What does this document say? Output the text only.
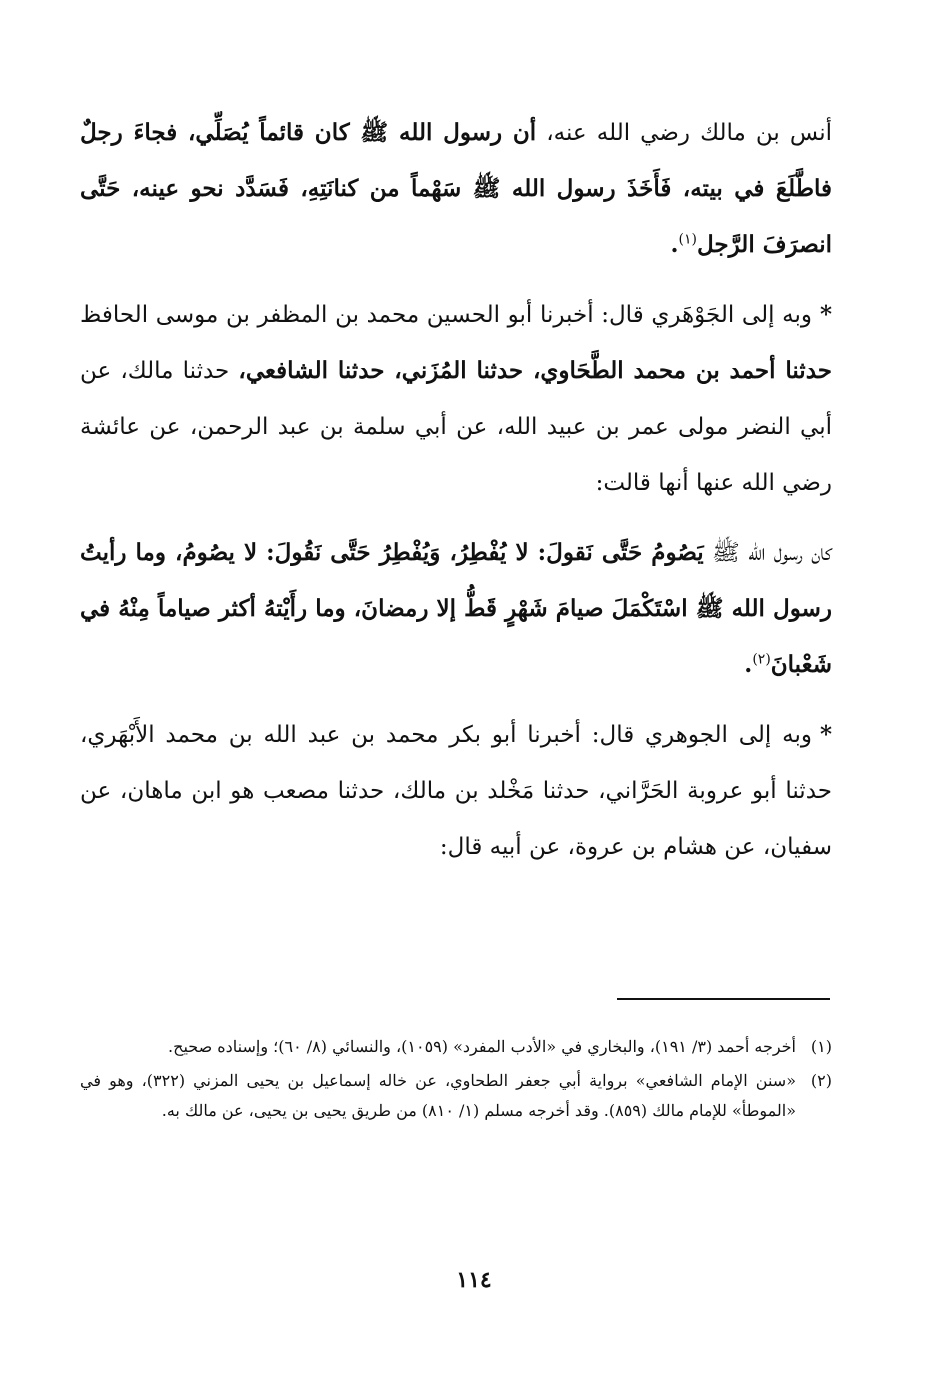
أنس بن مالك رضي الله عنه، أن رسول الله ﷺ كان قائماً يُصَلِّي، فجاءَ رجلٌ فاطَّلَعَ في بيته، فَأَخَذَ رسول الله ﷺ سَهْماً من كنانَتِهِ، فَسَدَّد نحو عينه، حَتَّى انصرَفَ الرَّجل$^{(١)}$.

*وبه إلى الجَوْهَري قال: أخبرنا أبو الحسين محمد بن المظفر بن موسى الحافظ حدثنا أحمد بن محمد الطَّحَاوي، حدثنا المُزَني، حدثنا الشافعي، حدثنا مالك، عن أبي النضر مولى عمر بن عبيد الله، عن أبي سلمة بن عبد الرحمن، عن عائشة رضي الله عنها أنها قالت:

كان رسول الله ﷺ يَصُومُ حَتَّى نَقولَ: لا يُفْطِرُ، وَيُفْطِرُ حَتَّى نَقُولَ: لا يصُومُ، وما رأيتُ رسول الله ﷺ اسْتَكْمَلَ صيامَ شَهْرٍ قَطُّ إلا رمضانَ، وما رأَيْتهُ أكثر صياماً مِنْهُ في شَعْبانَ$^{(٢)}$.

*وبه إلى الجوهري قال: أخبرنا أبو بكر محمد بن عبد الله بن محمد الأَبْهَري، حدثنا أبو عروبة الحَرَّاني، حدثنا مَخْلد بن مالك، حدثنا مصعب هو ابن ماهان، عن سفيان، عن هشام بن عروة، عن أبيه قال:

(١)
أخرجه أحمد (٣/ ١٩١)، والبخاري في «الأدب المفرد» (١٠٥٩)، والنسائي (٨/ ٦٠)؛ وإسناده صحيح.
(٢)
«سنن الإمام الشافعي» برواية أبي جعفر الطحاوي، عن خاله إسماعيل بن يحيى المزني (٣٢٢)، وهو في «الموطأ» للإمام مالك (٨٥٩). وقد أخرجه مسلم (١/ ٨١٠) من طريق يحيى بن يحيى، عن مالك به.
١١٤
